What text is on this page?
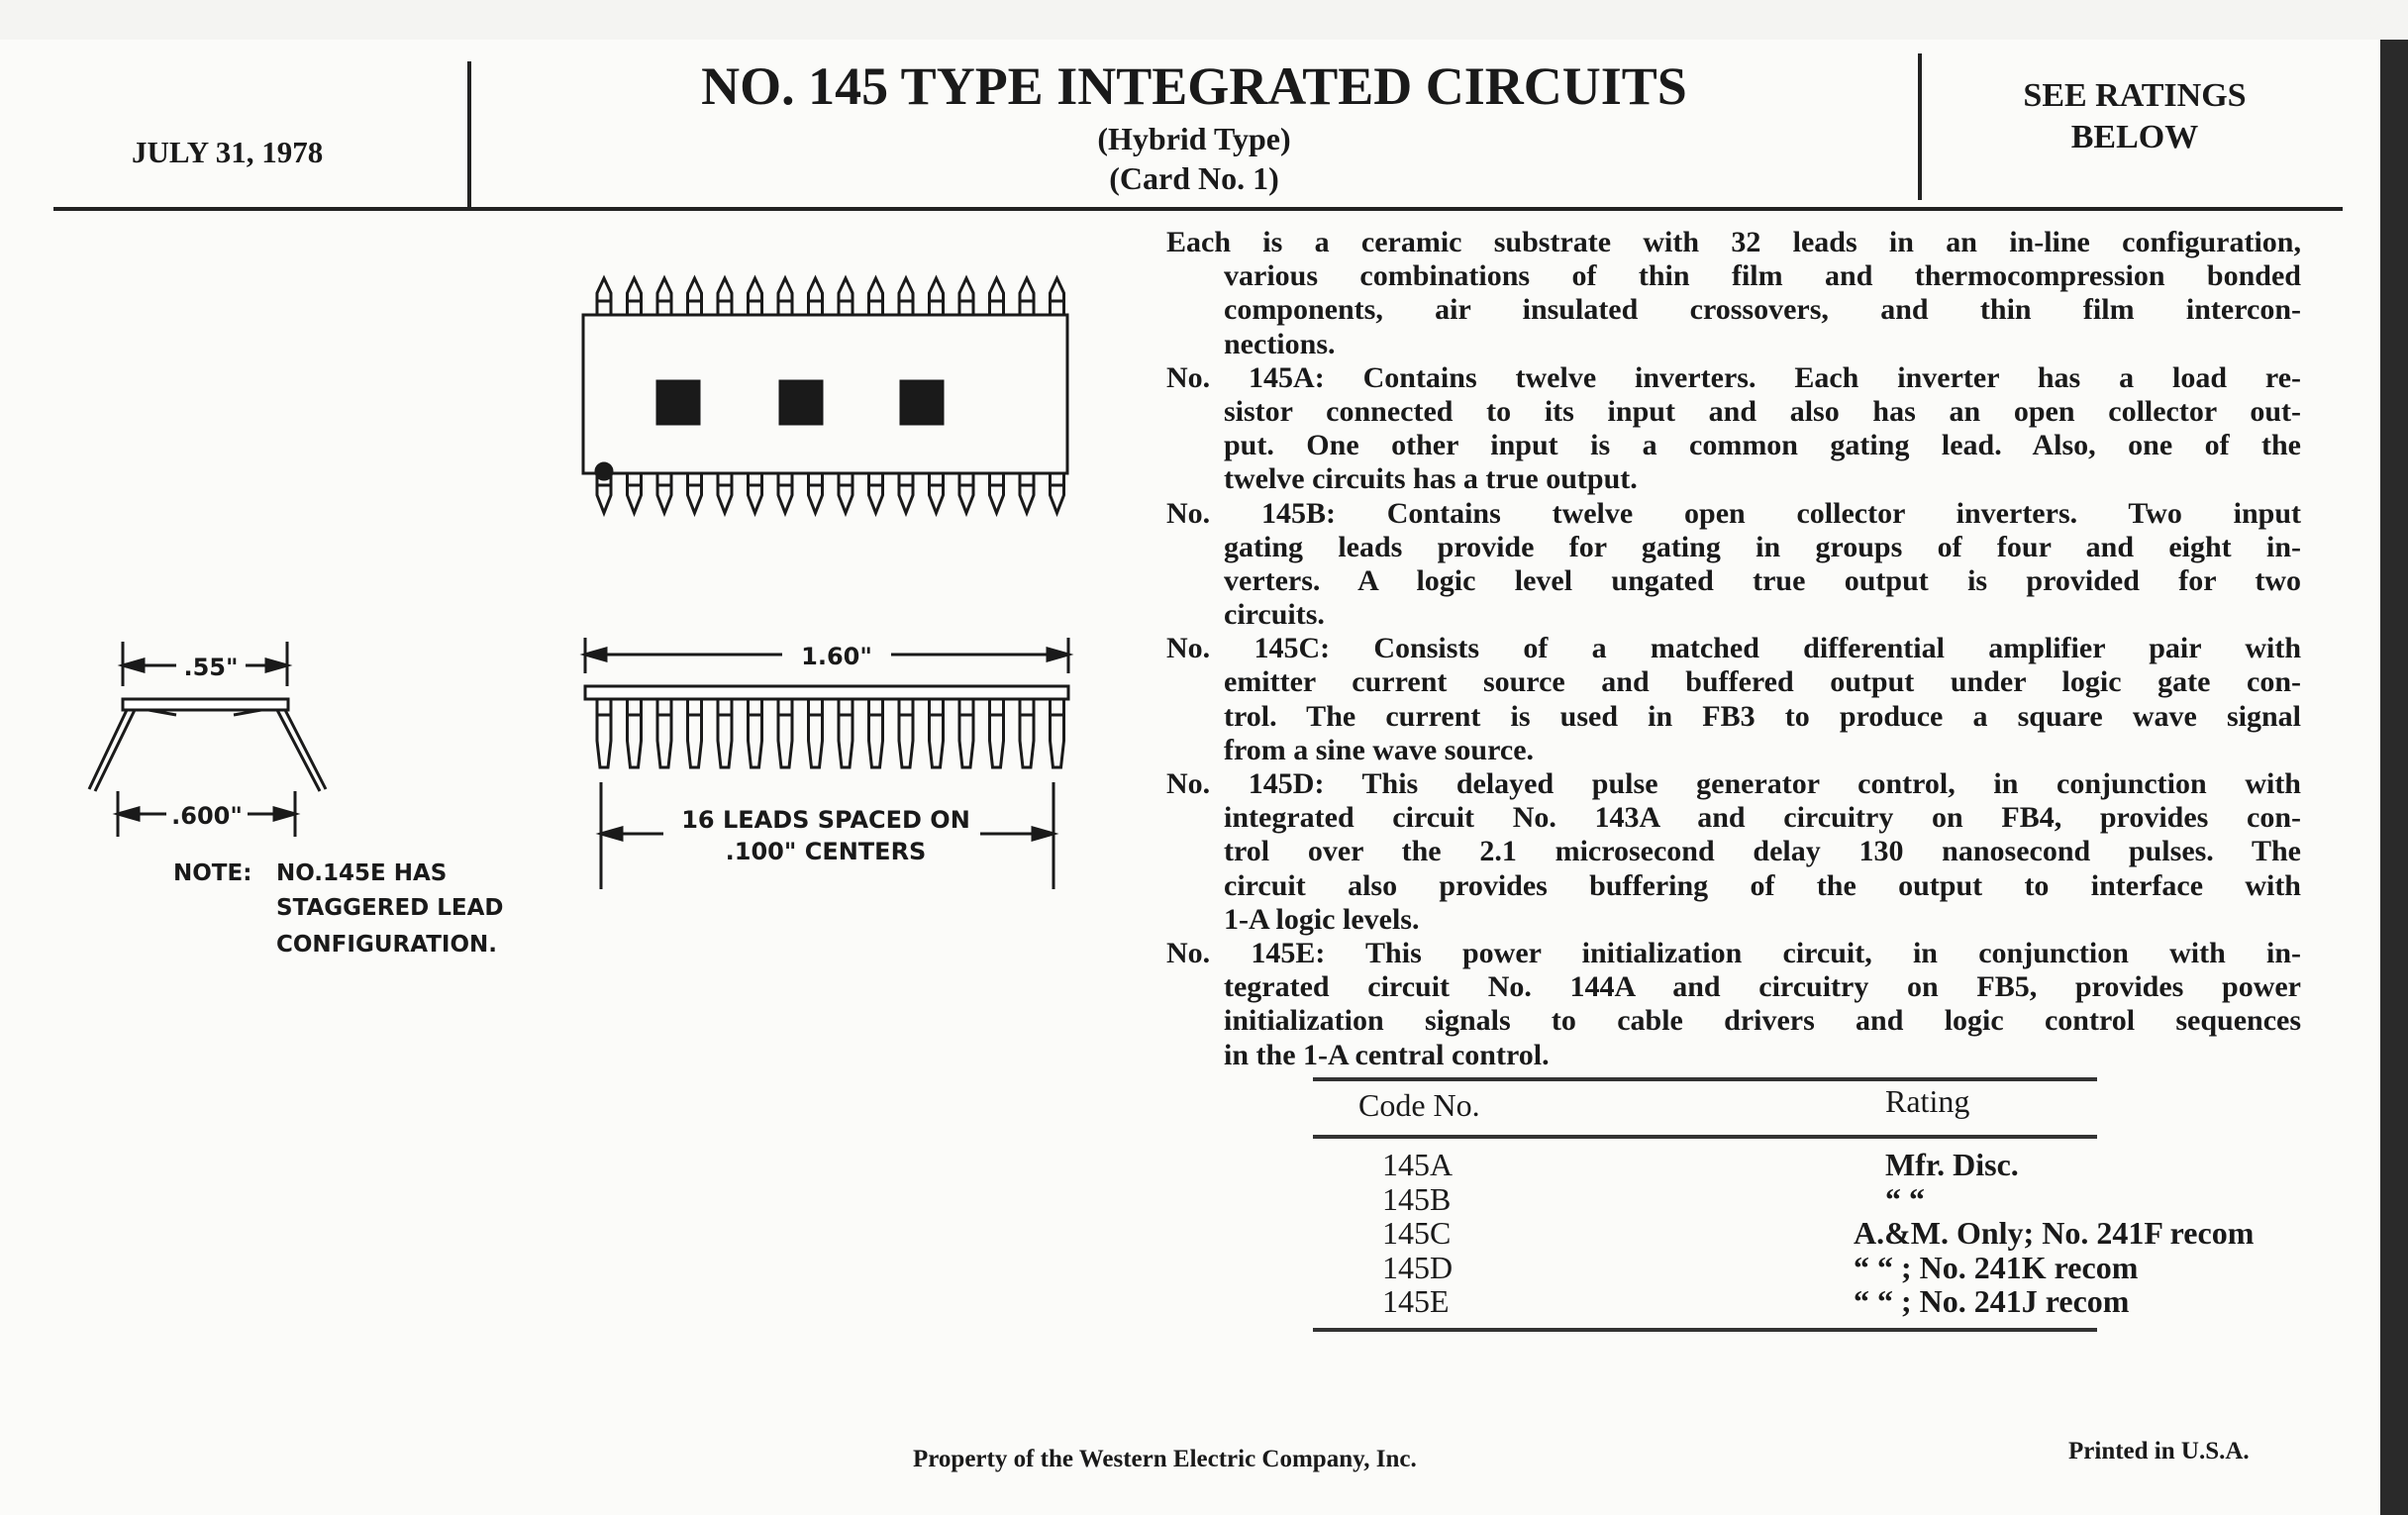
JULY 31, 1978
NO. 145 TYPE INTEGRATED CIRCUITS
(Hybrid Type)
(Card No. 1)
SEE RATINGS
BELOW
1.60"
16 LEADS SPACED ON
.100" CENTERS
.55"
.600"
NOTE: NO.145E HAS
STAGGERED LEAD
CONFIGURATION.
Each is a ceramic substrate with 32 leads in an in-line configuration,
various combinations of thin film and thermocompression bonded
components, air insulated crossovers, and thin film intercon-
nections.
No. 145A: Contains twelve inverters. Each inverter has a load re-
sistor connected to its input and also has an open collector out-
put. One other input is a common gating lead. Also, one of the
twelve circuits has a true output.
No. 145B: Contains twelve open collector inverters. Two input
gating leads provide for gating in groups of four and eight in-
verters. A logic level ungated true output is provided for two
circuits.
No. 145C: Consists of a matched differential amplifier pair with
emitter current source and buffered output under logic gate con-
trol. The current is used in FB3 to produce a square wave signal
from a sine wave source.
No. 145D: This delayed pulse generator control, in conjunction with
integrated circuit No. 143A and circuitry on FB4, provides con-
trol over the 2.1 microsecond delay 130 nanosecond pulses. The
circuit also provides buffering of the output to interface with
1-A logic levels.
No. 145E: This power initialization circuit, in conjunction with in-
tegrated circuit No. 144A and circuitry on FB5, provides power
initialization signals to cable drivers and logic control sequences
in the 1-A central control.
Code No.	Rating
145A	Mfr. Disc.
145B	“ “
145C	A.&M. Only; No. 241F recom
145D	“ “ ; No. 241K recom
145E	“ “ ; No. 241J recom
Property of the Western Electric Company, Inc.	Printed in U.S.A.
